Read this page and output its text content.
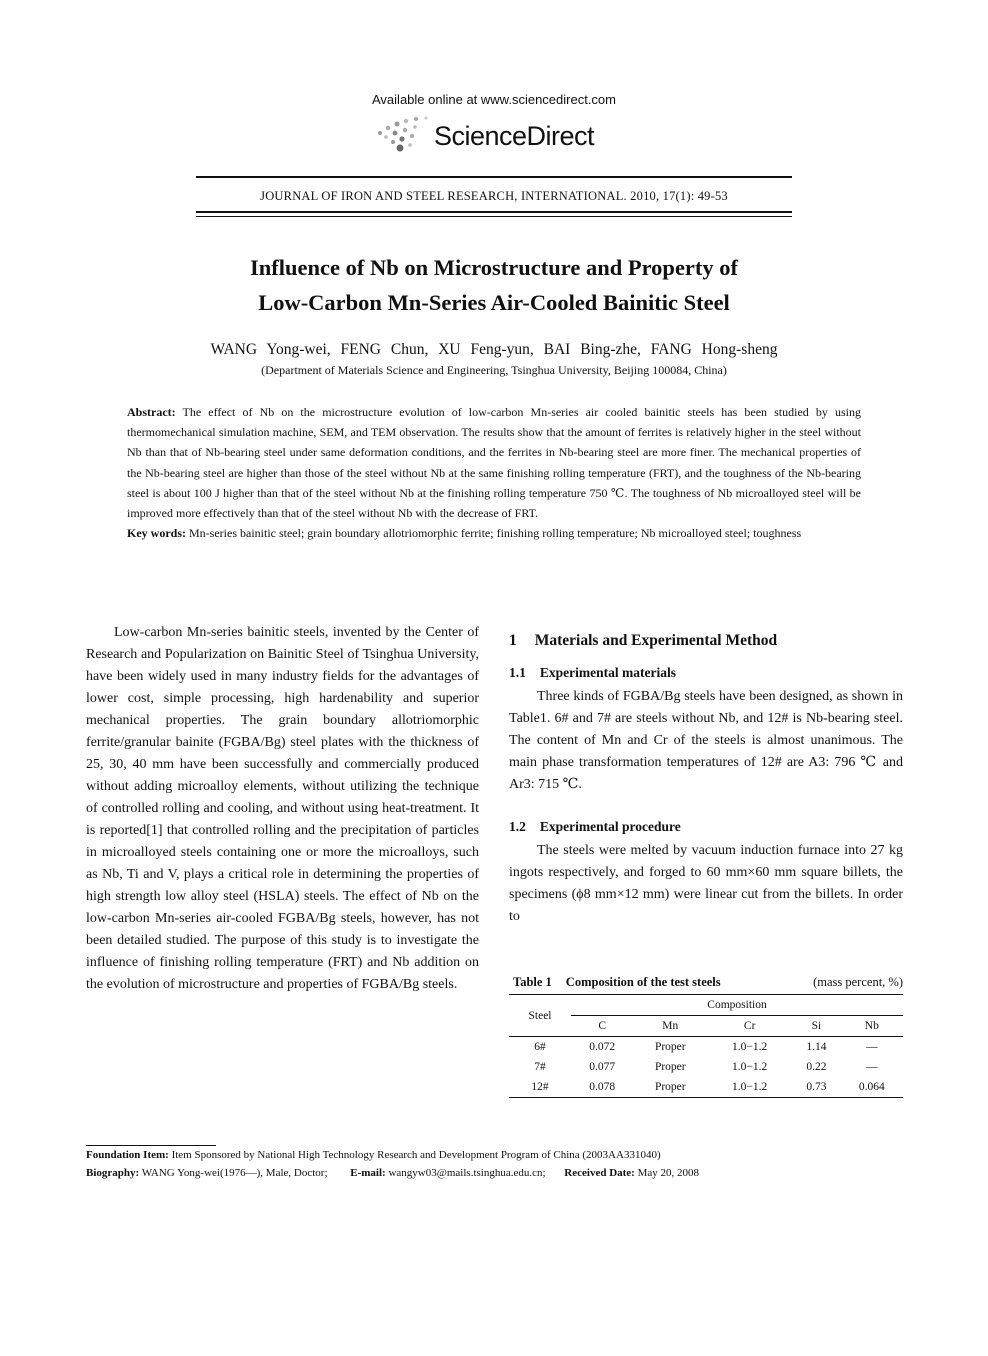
Available online at www.sciencedirect.com
ScienceDirect
JOURNAL OF IRON AND STEEL RESEARCH, INTERNATIONAL. 2010, 17(1): 49-53
Influence of Nb on Microstructure and Property of
Low-Carbon Mn-Series Air-Cooled Bainitic Steel
WANG Yong-wei, FENG Chun, XU Feng-yun, BAI Bing-zhe, FANG Hong-sheng
(Department of Materials Science and Engineering, Tsinghua University, Beijing 100084, China)
Abstract: The effect of Nb on the microstructure evolution of low-carbon Mn-series air cooled bainitic steels has been studied by using thermomechanical simulation machine, SEM, and TEM observation. The results show that the amount of ferrites is relatively higher in the steel without Nb than that of Nb-bearing steel under same deformation conditions, and the ferrites in Nb-bearing steel are more finer. The mechanical properties of the Nb-bearing steel are higher than those of the steel without Nb at the same finishing rolling temperature (FRT), and the toughness of the Nb-bearing steel is about 100 J higher than that of the steel without Nb at the finishing rolling temperature 750 ℃. The toughness of Nb microalloyed steel will be improved more effectively than that of the steel without Nb with the decrease of FRT.
Key words: Mn-series bainitic steel; grain boundary allotriomorphic ferrite; finishing rolling temperature; Nb microalloyed steel; toughness

Low-carbon Mn-series bainitic steels, invented by the Center of Research and Popularization on Bainitic Steel of Tsinghua University, have been widely used in many industry fields for the advantages of lower cost, simple processing, high hardenability and superior mechanical properties. The grain boundary allotriomorphic ferrite/granular bainite (FGBA/Bg) steel plates with the thickness of 25, 30, 40 mm have been successfully and commercially produced without adding microalloy elements, without utilizing the technique of controlled rolling and cooling, and without using heat-treatment. It is reported[1] that controlled rolling and the precipitation of particles in microalloyed steels containing one or more the microalloys, such as Nb, Ti and V, plays a critical role in determining the properties of high strength low alloy steel (HSLA) steels. The effect of Nb on the low-carbon Mn-series air-cooled FGBA/Bg steels, however, has not been detailed studied. The purpose of this study is to investigate the influence of finishing rolling temperature (FRT) and Nb addition on the evolution of microstructure and properties of FGBA/Bg steels.

1 Materials and Experimental Method
1.1 Experimental materials

Three kinds of FGBA/Bg steels have been designed, as shown in Table1. 6# and 7# are steels without Nb, and 12# is Nb-bearing steel. The content of Mn and Cr of the steels is almost unanimous. The main phase transformation temperatures of 12# are A3: 796 ℃ and Ar3: 715 ℃.

1.2 Experimental procedure

The steels were melted by vacuum induction furnace into 27 kg ingots respectively, and forged to 60 mm×60 mm square billets, the specimens (ϕ8 mm×12 mm) were linear cut from the billets. In order to

Table 1 Composition of the test steels	(mass percent, %)
Steel	Composition				
	C	Mn	Cr	Si	Nb
6#	0.072	Proper	1.0−1.2	1.14	—
7#	0.077	Proper	1.0−1.2	0.22	—
12#	0.078	Proper	1.0−1.2	0.73	0.064
Foundation Item: Item Sponsored by National High Technology Research and Development Program of China (2003AA331040)
Biography: WANG Yong-wei(1976—), Male, Doctor; E-mail: wangyw03@mails.tsinghua.edu.cn; Received Date: May 20, 2008
